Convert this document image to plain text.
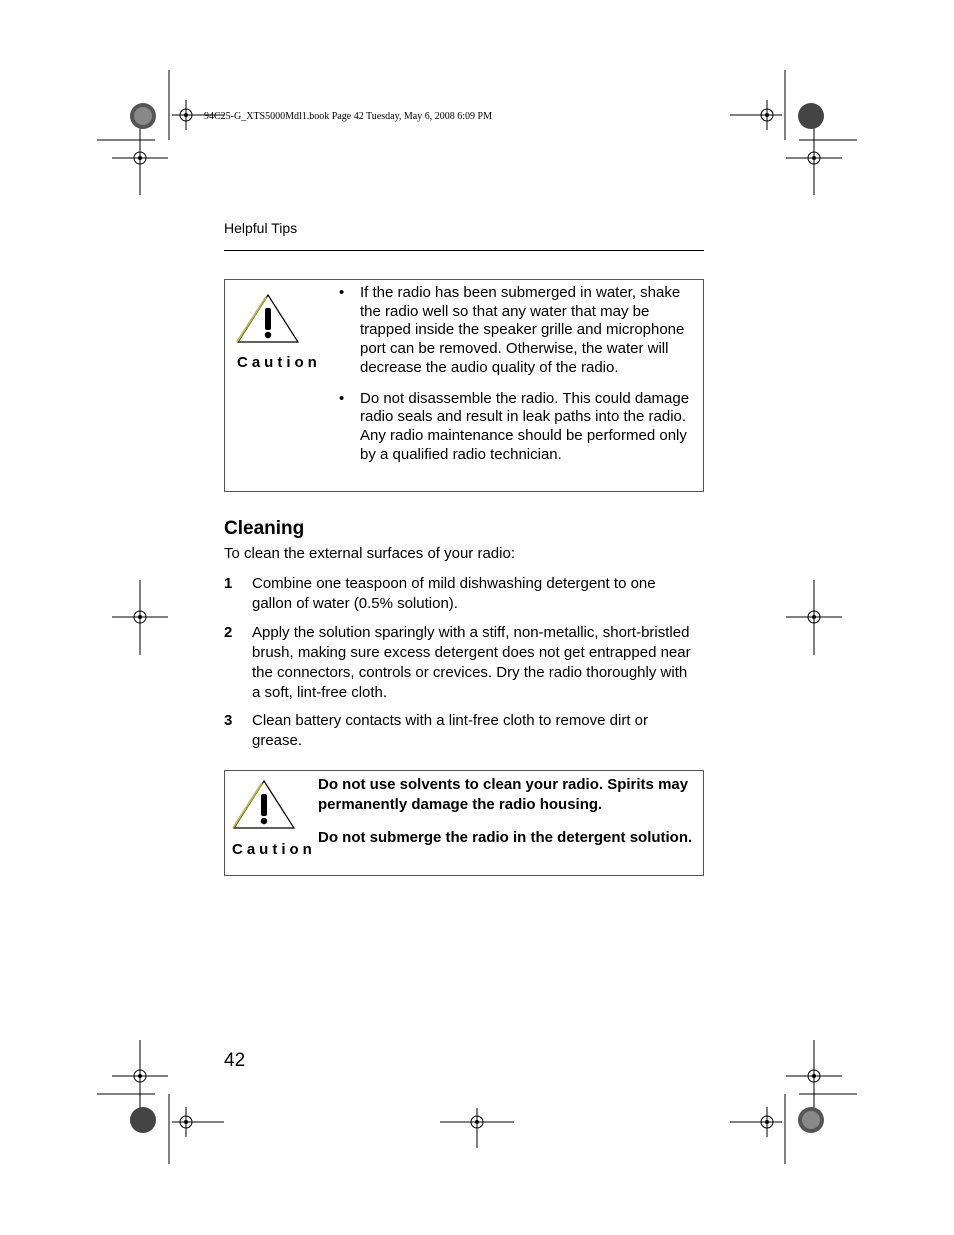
94C25-G_XTS5000Mdl1.book Page 42 Tuesday, May 6, 2008 6:09 PM
Helpful Tips
Caution
• If the radio has been submerged in water, shake the radio well so that any water that may be trapped inside the speaker grille and microphone port can be removed. Otherwise, the water will decrease the audio quality of the radio.
• Do not disassemble the radio. This could damage radio seals and result in leak paths into the radio. Any radio maintenance should be performed only by a qualified radio technician.
Cleaning
To clean the external surfaces of your radio:
1 Combine one teaspoon of mild dishwashing detergent to one gallon of water (0.5% solution).
2 Apply the solution sparingly with a stiff, non-metallic, short-bristled brush, making sure excess detergent does not get entrapped near the connectors, controls or crevices. Dry the radio thoroughly with a soft, lint-free cloth.
3 Clean battery contacts with a lint-free cloth to remove dirt or grease.
Caution

Do not use solvents to clean your radio. Spirits may permanently damage the radio housing.

Do not submerge the radio in the detergent solution.

42
